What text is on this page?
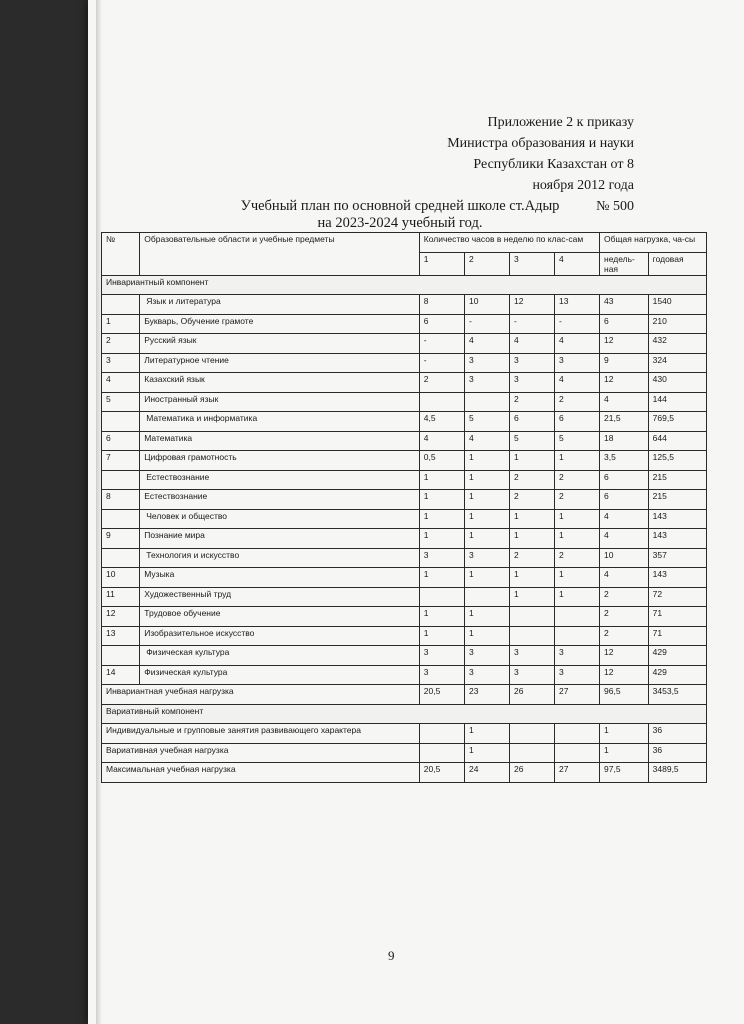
Приложение 2 к приказу
Министра образования и науки
Республики Казахстан от 8
ноября 2012 года
№ 500
Учебный план по основной средней школе ст.Адыр
на 2023-2024 учебный год.
№	Образовательные области и учебные предметы	Количество часов в неделю по клас-сам				Общая нагрузка, ча-сы	
		1	2	3	4	недель-ная	годовая
Инвариантный компонент							
	Язык и литература	8	10	12	13	43	1540
1	Букварь, Обучение грамоте	6	-	-	-	6	210
2	Русский язык	-	4	4	4	12	432
3	Литературное чтение	-	3	3	3	9	324
4	Казахский язык	2	3	3	4	12	430
5	Иностранный язык			2	2	4	144
	Математика и информатика	4,5	5	6	6	21,5	769,5
6	Математика	4	4	5	5	18	644
7	Цифровая грамотность	0,5	1	1	1	3,5	125,5
	Естествознание	1	1	2	2	6	215
8	Естествознание	1	1	2	2	6	215
	Человек и общество	1	1	1	1	4	143
9	Познание мира	1	1	1	1	4	143
	Технология и искусство	3	3	2	2	10	357
10	Музыка	1	1	1	1	4	143
11	Художественный труд			1	1	2	72
12	Трудовое обучение	1	1			2	71
13	Изобразительное искусство	1	1			2	71
	Физическая культура	3	3	3	3	12	429
14	Физическая культура	3	3	3	3	12	429
Инвариантная учебная нагрузка		20,5	23	26	27	96,5	3453,5
Вариативный компонент							
Индивидуальные и групповые занятия развивающего характера			1			1	36
Вариативная учебная нагрузка			1			1	36
Максимальная учебная нагрузка		20,5	24	26	27	97,5	3489,5
9
